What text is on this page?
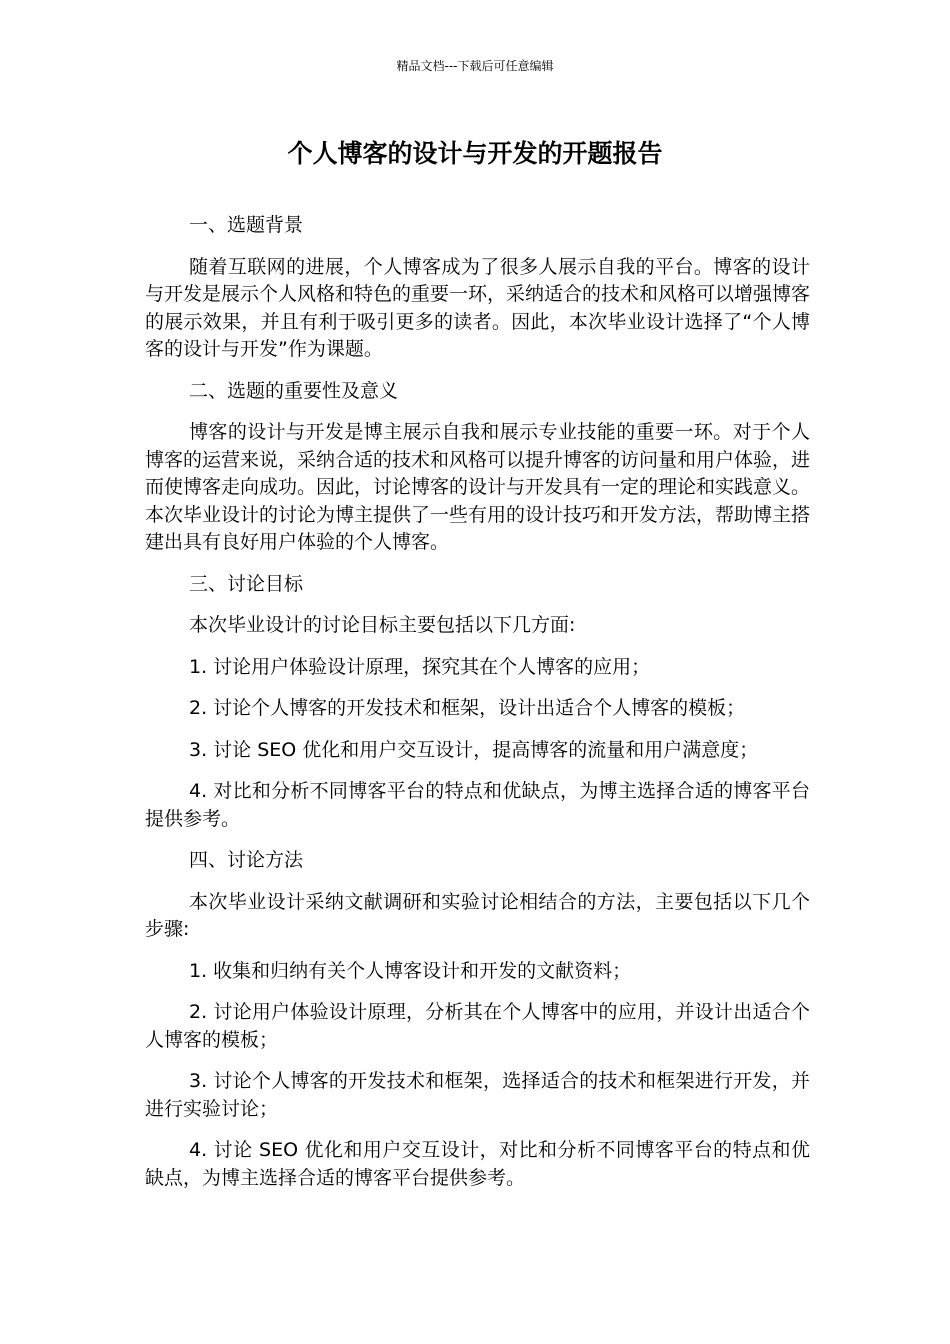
精品文档---下载后可任意编辑
个人博客的设计与开发的开题报告

一、选题背景

随着互联网的进展，个人博客成为了很多人展示自我的平台。博客的设计与开发是展示个人风格和特色的重要一环，采纳适合的技术和风格可以增强博客的展示效果，并且有利于吸引更多的读者。因此，本次毕业设计选择了“个人博客的设计与开发”作为课题。

二、选题的重要性及意义

博客的设计与开发是博主展示自我和展示专业技能的重要一环。对于个人博客的运营来说，采纳合适的技术和风格可以提升博客的访问量和用户体验，进而使博客走向成功。因此，讨论博客的设计与开发具有一定的理论和实践意义。本次毕业设计的讨论为博主提供了一些有用的设计技巧和开发方法，帮助博主搭建出具有良好用户体验的个人博客。

三、讨论目标

本次毕业设计的讨论目标主要包括以下几方面:

1. 讨论用户体验设计原理，探究其在个人博客的应用；

2. 讨论个人博客的开发技术和框架，设计出适合个人博客的模板；

3. 讨论 SEO 优化和用户交互设计，提高博客的流量和用户满意度；

4. 对比和分析不同博客平台的特点和优缺点，为博主选择合适的博客平台提供参考。

四、讨论方法

本次毕业设计采纳文献调研和实验讨论相结合的方法，主要包括以下几个步骤:

1. 收集和归纳有关个人博客设计和开发的文献资料；

2. 讨论用户体验设计原理，分析其在个人博客中的应用，并设计出适合个人博客的模板；

3. 讨论个人博客的开发技术和框架，选择适合的技术和框架进行开发，并进行实验讨论；

4. 讨论 SEO 优化和用户交互设计，对比和分析不同博客平台的特点和优缺点，为博主选择合适的博客平台提供参考。
